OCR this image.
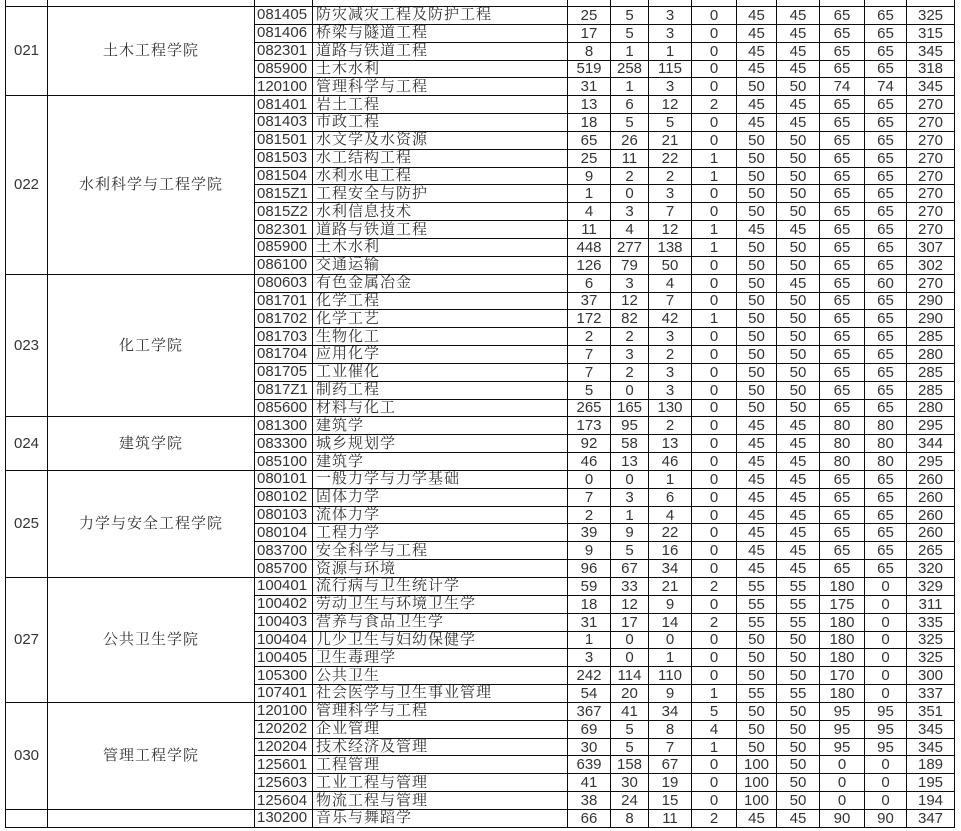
021	土木工程学院
081405 防灾减灾工程及防护工程	25	5	3	0	45	45	65	65	325
081406 桥梁与隧道工程	17	5	3	0	45	45	65	65	315
082301 道路与铁道工程	8	1	1	0	45	45	65	65	345
085900 土木水利	519	258	115	0	45	45	65	65	318
120100 管理科学与工程	31	1	3	0	50	50	74	74	345
022	水利科学与工程学院
081401 岩土工程	13	6	12	2	45	45	65	65	270
081403 市政工程	18	5	5	0	45	45	65	65	270
081501 水文学及水资源	65	26	21	0	50	50	65	65	270
081503 水工结构工程	25	11	22	1	50	50	65	65	270
081504 水利水电工程	9	2	2	1	50	50	65	65	270
0815Z1 工程安全与防护	1	0	3	0	50	50	65	65	270
0815Z2 水利信息技术	4	3	7	0	50	50	65	65	270
082301 道路与铁道工程	11	4	12	1	45	45	65	65	270
085900 土木水利	448	277	138	1	50	50	65	65	307
086100 交通运输	126	79	50	0	50	50	65	65	302
023	化工学院
080603 有色金属冶金	6	3	4	0	50	45	65	60	270
081701 化学工程	37	12	7	0	50	50	65	65	290
081702 化学工艺	172	82	42	1	50	50	65	65	290
081703 生物化工	2	2	3	0	50	50	65	65	285
081704 应用化学	7	3	2	0	50	50	65	65	280
081705 工业催化	7	2	3	0	50	50	65	65	285
0817Z1 制药工程	5	0	3	0	50	50	65	65	285
085600 材料与化工	265	165	130	0	50	50	65	65	280
024	建筑学院
081300 建筑学	173	95	2	0	45	45	80	80	295
083300 城乡规划学	92	58	13	0	45	45	80	80	344
085100 建筑学	46	13	46	0	45	45	80	80	295
025	力学与安全工程学院
080101 一般力学与力学基础	0	0	1	0	45	45	65	65	260
080102 固体力学	7	3	6	0	45	45	65	65	260
080103 流体力学	2	1	4	0	45	45	65	65	260
080104 工程力学	39	9	22	0	45	45	65	65	260
083700 安全科学与工程	9	5	16	0	45	45	65	65	265
085700 资源与环境	96	67	34	0	45	45	65	65	320
027	公共卫生学院
100401 流行病与卫生统计学	59	33	21	2	55	55	180	0	329
100402 劳动卫生与环境卫生学	18	12	9	0	55	55	175	0	311
100403 营养与食品卫生学	31	17	14	2	55	55	180	0	335
100404 儿少卫生与妇幼保健学	1	0	0	0	50	50	180	0	325
100405 卫生毒理学	3	0	1	0	50	50	180	0	325
105300 公共卫生	242	114	110	0	50	50	170	0	300
107401 社会医学与卫生事业管理	54	20	9	1	55	55	180	0	337
030	管理工程学院
120100 管理科学与工程	367	41	34	5	50	50	95	95	351
120202 企业管理	69	5	8	4	50	50	95	95	345
120204 技术经济及管理	30	5	7	1	50	50	95	95	345
125601 工程管理	639	158	67	0	100	50	0	0	189
125603 工业工程与管理	41	30	19	0	100	50	0	0	195
125604 物流工程与管理	38	24	15	0	100	50	0	0	194
130200 音乐与舞蹈学	66	8	11	2	45	45	90	90	347
